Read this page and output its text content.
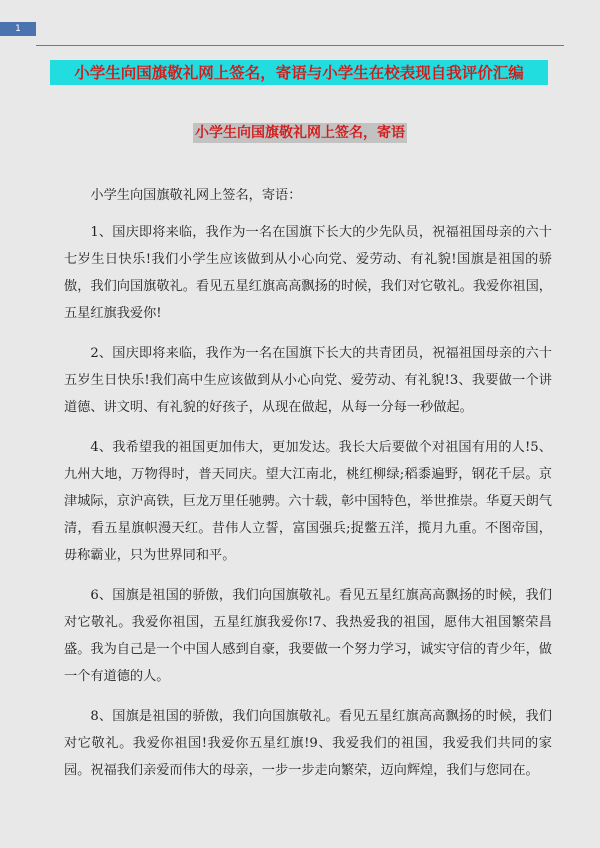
1
小学生向国旗敬礼网上签名，寄语与小学生在校表现自我评价汇编
小学生向国旗敬礼网上签名，寄语

小学生向国旗敬礼网上签名，寄语：

1、国庆即将来临，我作为一名在国旗下长大的少先队员，祝福祖国母亲的六十七岁生日快乐!我们小学生应该做到从小心向党、爱劳动、有礼貌!国旗是祖国的骄傲，我们向国旗敬礼。看见五星红旗高高飘扬的时候，我们对它敬礼。我爱你祖国，五星红旗我爱你!

2、国庆即将来临，我作为一名在国旗下长大的共青团员，祝福祖国母亲的六十五岁生日快乐!我们高中生应该做到从小心向党、爱劳动、有礼貌!3、我要做一个讲道德、讲文明、有礼貌的好孩子，从现在做起，从每一分每一秒做起。

4、我希望我的祖国更加伟大，更加发达。我长大后要做个对祖国有用的人!5、九州大地，万物得时，普天同庆。望大江南北，桃红柳绿;稻黍遍野，钢花千层。京津城际，京沪高铁，巨龙万里任驰骋。六十载，彰中国特色，举世推崇。华夏天朗气清，看五星旗帜漫天红。昔伟人立誓，富国强兵;捉鳖五洋，揽月九重。不图帝国，毋称霸业，只为世界同和平。

6、国旗是祖国的骄傲，我们向国旗敬礼。看见五星红旗高高飘扬的时候，我们对它敬礼。我爱你祖国，五星红旗我爱你!7、我热爱我的祖国，愿伟大祖国繁荣昌盛。我为自己是一个中国人感到自豪，我要做一个努力学习，诚实守信的青少年，做一个有道德的人。

8、国旗是祖国的骄傲，我们向国旗敬礼。看见五星红旗高高飘扬的时候，我们对它敬礼。我爱你祖国!我爱你五星红旗!9、我爱我们的祖国，我爱我们共同的家园。祝福我们亲爱而伟大的母亲，一步一步走向繁荣，迈向辉煌，我们与您同在。
